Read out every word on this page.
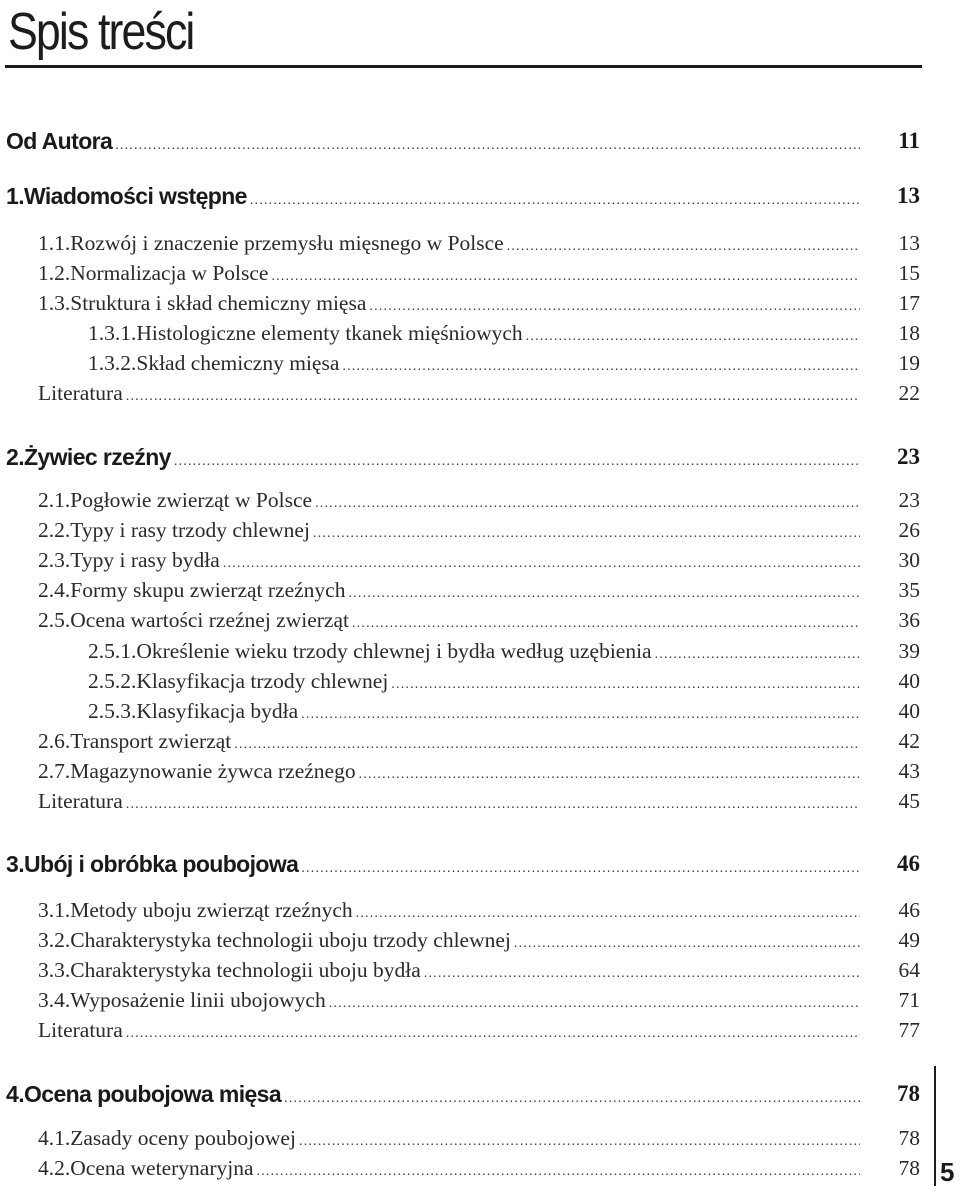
Spis treści
Od Autora .....	11
1. Wiadomości wstępne .....	13
1.1. Rozwój i znaczenie przemysłu mięsnego w Polsce .....	13
1.2. Normalizacja w Polsce .....	15
1.3. Struktura i skład chemiczny mięsa .....	17
1.3.1. Histologiczne elementy tkanek mięśniowych .....	18
1.3.2. Skład chemiczny mięsa .....	19
Literatura .....	22
2. Żywiec rzeźny .....	23
2.1. Pogłowie zwierząt w Polsce .....	23
2.2. Typy i rasy trzody chlewnej .....	26
2.3. Typy i rasy bydła .....	30
2.4. Formy skupu zwierząt rzeźnych .....	35
2.5. Ocena wartości rzeźnej zwierząt .....	36
2.5.1. Określenie wieku trzody chlewnej i bydła według uzębienia .....	39
2.5.2. Klasyfikacja trzody chlewnej .....	40
2.5.3. Klasyfikacja bydła .....	40
2.6. Transport zwierząt .....	42
2.7. Magazynowanie żywca rzeźnego .....	43
Literatura .....	45
3. Ubój i obróbka poubojowa .....	46
3.1. Metody uboju zwierząt rzeźnych .....	46
3.2. Charakterystyka technologii uboju trzody chlewnej .....	49
3.3. Charakterystyka technologii uboju bydła .....	64
3.4. Wyposażenie linii ubojowych .....	71
Literatura .....	77
4. Ocena poubojowa mięsa .....	78
4.1. Zasady oceny poubojowej .....	78
4.2. Ocena weterynaryjna .....	78 5
